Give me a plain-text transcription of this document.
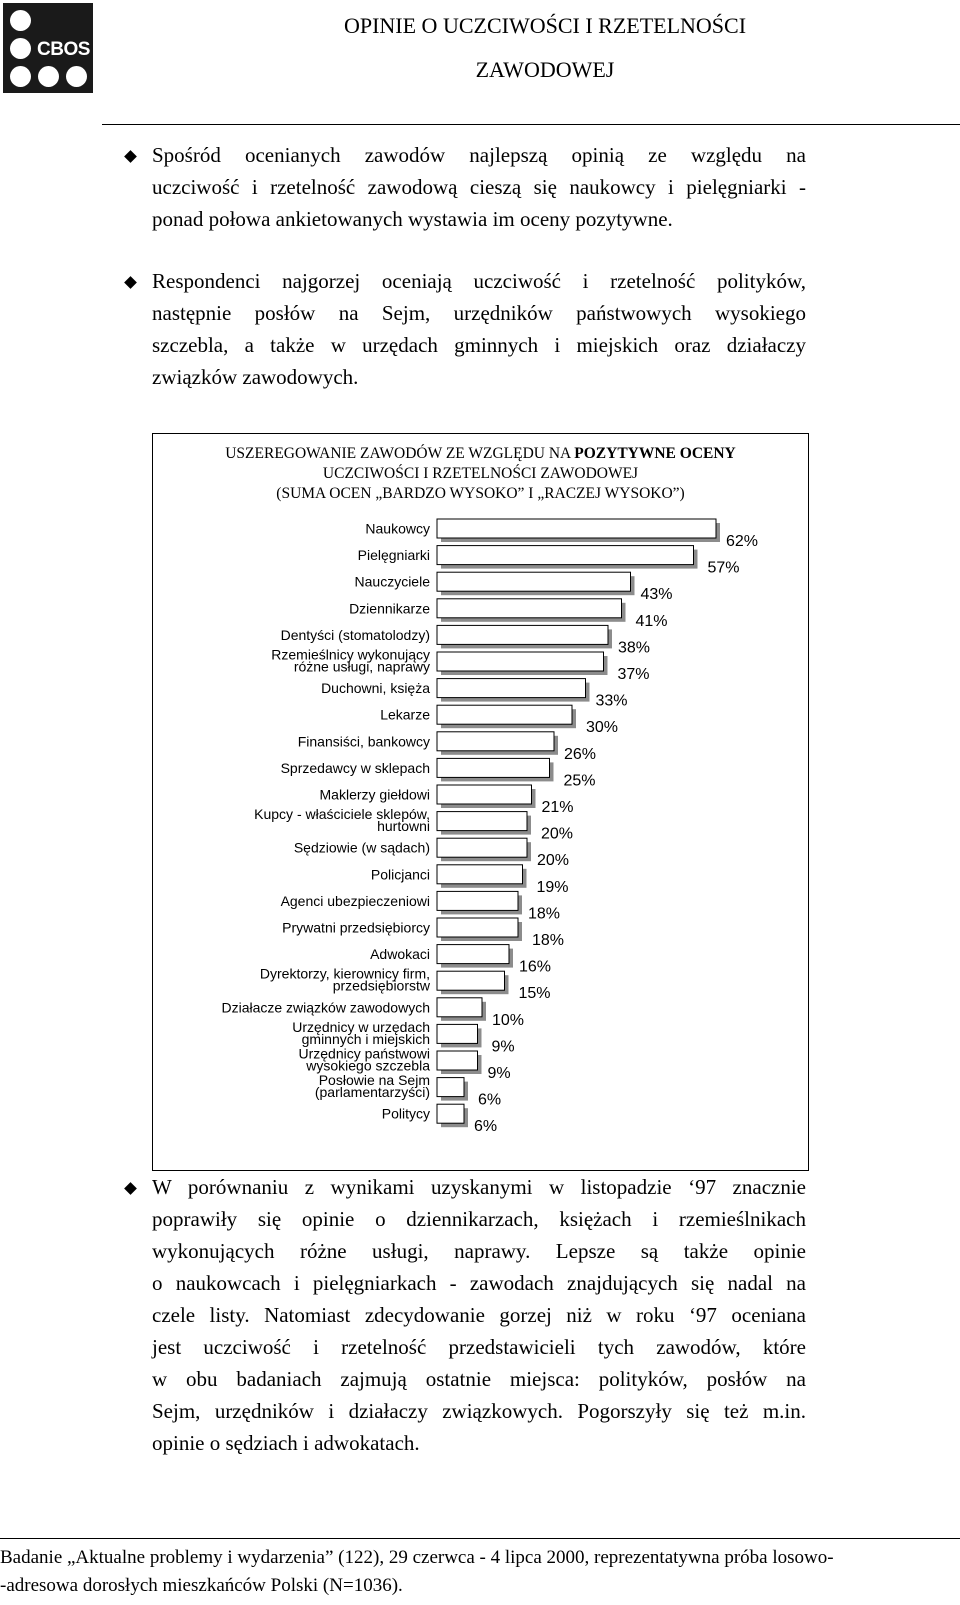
CBOS
OPINIE O UCZCIWOŚCI I RZETELNOŚCI
ZAWODOWEJ
Spośród ocenianych zawodów najlepszą opinią ze względu na
uczciwość i rzetelność zawodową cieszą się naukowcy i pielęgniarki -
ponad połowa ankietowanych wystawia im oceny pozytywne.
Respondenci najgorzej oceniają uczciwość i rzetelność polityków,
następnie posłów na Sejm, urzędników państwowych wysokiego
szczebla, a także w urzędach gminnych i miejskich oraz działaczy
związków zawodowych.
USZEREGOWANIE ZAWODÓW ZE WZGLĘDU NA POZYTYWNE OCENY
UCZCIWOŚCI I RZETELNOŚCI ZAWODOWEJ
(SUMA OCEN „BARDZO WYSOKO” I „RACZEJ WYSOKO”)
62%
Naukowcy
57%
Pielęgniarki
43%
Nauczyciele
41%
Dziennikarze
38%
Dentyści (stomatolodzy)
37%
Rzemieślnicy wykonujący
różne usługi, naprawy
33%
Duchowni, księża
30%
Lekarze
26%
Finansiści, bankowcy
25%
Sprzedawcy w sklepach
21%
Maklerzy giełdowi
20%
Kupcy - właściciele sklepów,
hurtowni
20%
Sędziowie (w sądach)
19%
Policjanci
18%
Agenci ubezpieczeniowi
18%
Prywatni przedsiębiorcy
16%
Adwokaci
15%
Dyrektorzy, kierownicy firm,
przedsiębiorstw
10%
Działacze związków zawodowych
9%
Urzędnicy w urzędach
gminnych i miejskich
9%
Urzędnicy państwowi
wysokiego szczebla
6%
Posłowie na Sejm
(parlamentarzyści)
6%
Politycy
W porównaniu z wynikami uzyskanymi w listopadzie ‘97 znacznie
poprawiły się opinie o dziennikarzach, księżach i rzemieślnikach
wykonujących różne usługi, naprawy. Lepsze są także opinie
o naukowcach i pielęgniarkach - zawodach znajdujących się nadal na
czele listy. Natomiast zdecydowanie gorzej niż w roku ‘97 oceniana
jest uczciwość i rzetelność przedstawicieli tych zawodów, które
w obu badaniach zajmują ostatnie miejsca: polityków, posłów na
Sejm, urzędników i działaczy związkowych. Pogorszyły się też m.in.
opinie o sędziach i adwokatach.
Badanie „Aktualne problemy i wydarzenia” (122), 29 czerwca - 4 lipca 2000, reprezentatywna próba losowo-
-adresowa dorosłych mieszkańców Polski (N=1036).
